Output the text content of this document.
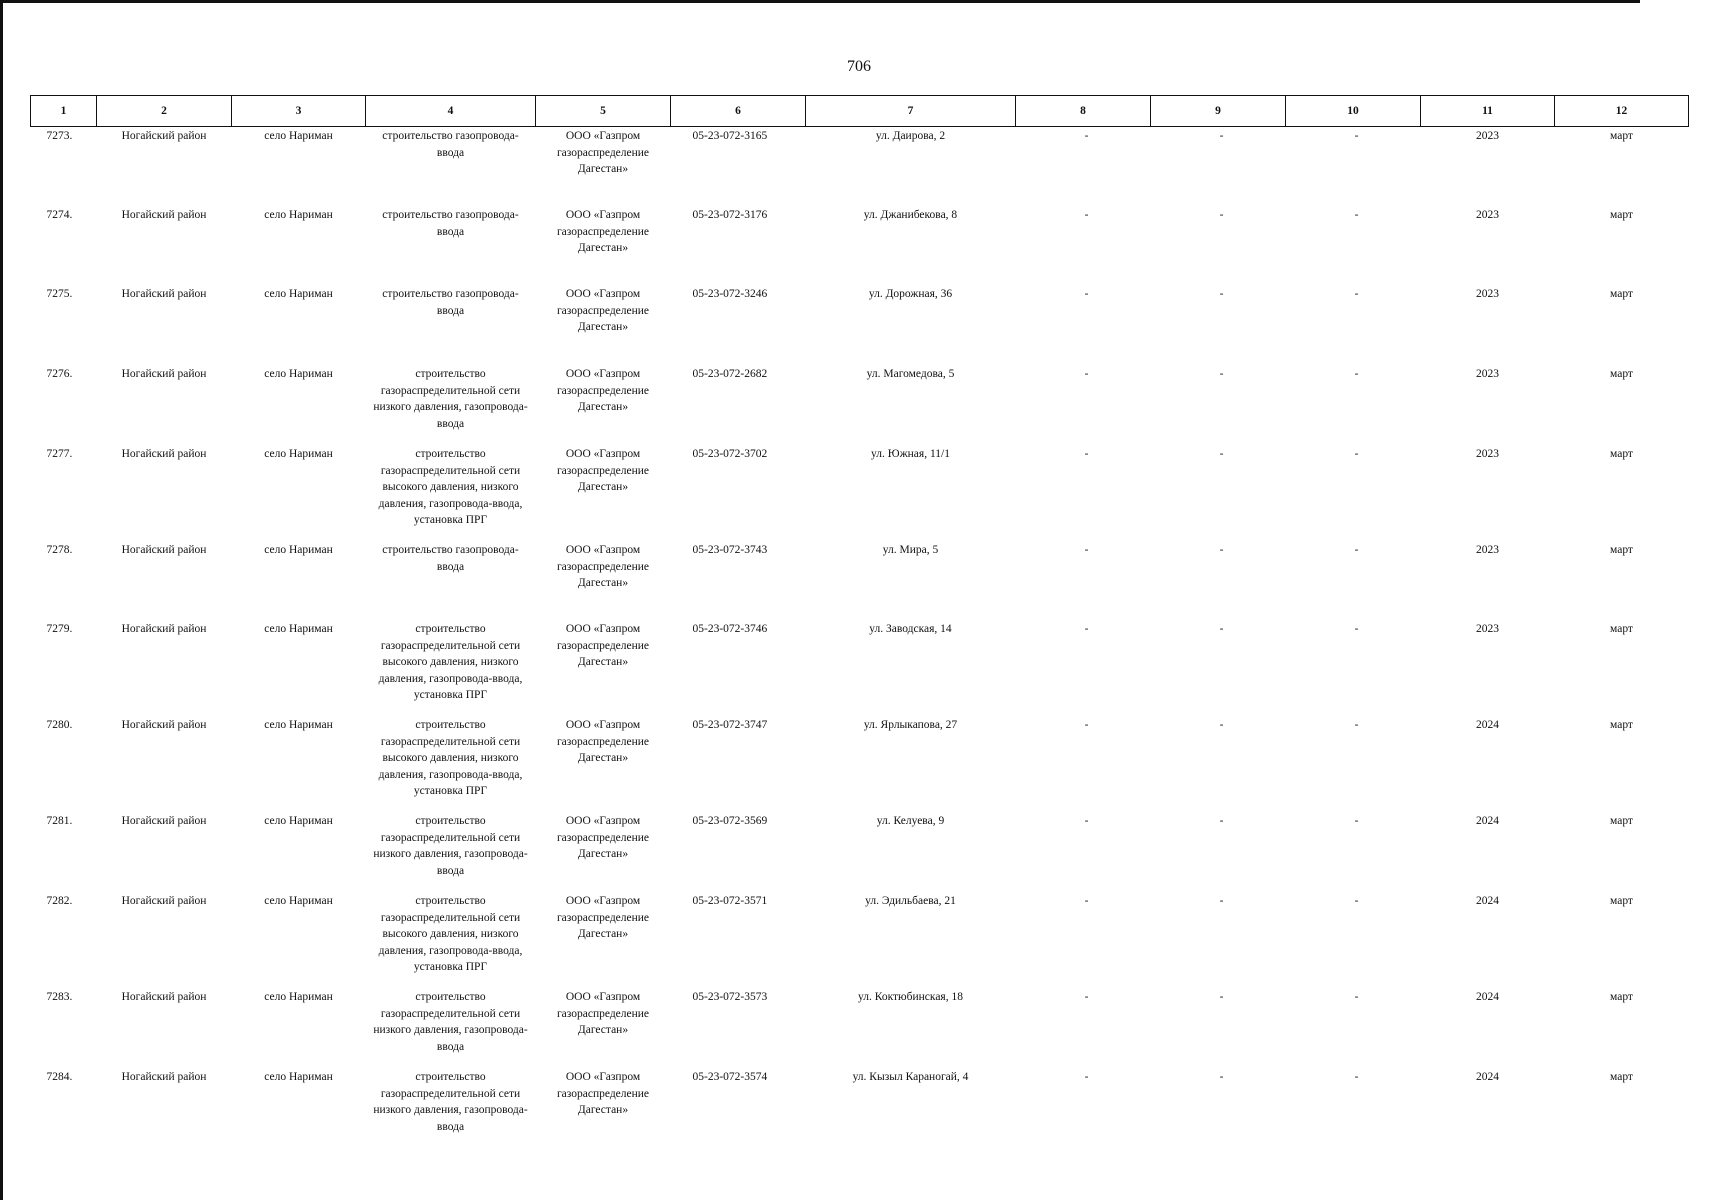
706
1	2	3	4	5	6	7	8	9	10	11	12
7273.	Ногайский район	село Нариман	строительство газопровода-ввода	ООО «Газпром газораспределение Дагестан»	05-23-072-3165	ул. Даирова, 2	-	-	-	2023	март
7274.	Ногайский район	село Нариман	строительство газопровода-ввода	ООО «Газпром газораспределение Дагестан»	05-23-072-3176	ул. Джанибекова, 8	-	-	-	2023	март
7275.	Ногайский район	село Нариман	строительство газопровода-ввода	ООО «Газпром газораспределение Дагестан»	05-23-072-3246	ул. Дорожная, 36	-	-	-	2023	март
7276.	Ногайский район	село Нариман	строительство газораспределительной сети низкого давления, газопровода-ввода	ООО «Газпром газораспределение Дагестан»	05-23-072-2682	ул. Магомедова, 5	-	-	-	2023	март
7277.	Ногайский район	село Нариман	строительство газораспределительной сети высокого давления, низкого давления, газопровода-ввода, установка ПРГ	ООО «Газпром газораспределение Дагестан»	05-23-072-3702	ул. Южная, 11/1	-	-	-	2023	март
7278.	Ногайский район	село Нариман	строительство газопровода-ввода	ООО «Газпром газораспределение Дагестан»	05-23-072-3743	ул. Мира, 5	-	-	-	2023	март
7279.	Ногайский район	село Нариман	строительство газораспределительной сети высокого давления, низкого давления, газопровода-ввода, установка ПРГ	ООО «Газпром газораспределение Дагестан»	05-23-072-3746	ул. Заводская, 14	-	-	-	2023	март
7280.	Ногайский район	село Нариман	строительство газораспределительной сети высокого давления, низкого давления, газопровода-ввода, установка ПРГ	ООО «Газпром газораспределение Дагестан»	05-23-072-3747	ул. Ярлыкапова, 27	-	-	-	2024	март
7281.	Ногайский район	село Нариман	строительство газораспределительной сети низкого давления, газопровода-ввода	ООО «Газпром газораспределение Дагестан»	05-23-072-3569	ул. Келуева, 9	-	-	-	2024	март
7282.	Ногайский район	село Нариман	строительство газораспределительной сети высокого давления, низкого давления, газопровода-ввода, установка ПРГ	ООО «Газпром газораспределение Дагестан»	05-23-072-3571	ул. Эдильбаева, 21	-	-	-	2024	март
7283.	Ногайский район	село Нариман	строительство газораспределительной сети низкого давления, газопровода-ввода	ООО «Газпром газораспределение Дагестан»	05-23-072-3573	ул. Коктюбинская, 18	-	-	-	2024	март
7284.	Ногайский район	село Нариман	строительство газораспределительной сети низкого давления, газопровода-ввода	ООО «Газпром газораспределение Дагестан»	05-23-072-3574	ул. Кызыл Караногай, 4	-	-	-	2024	март
